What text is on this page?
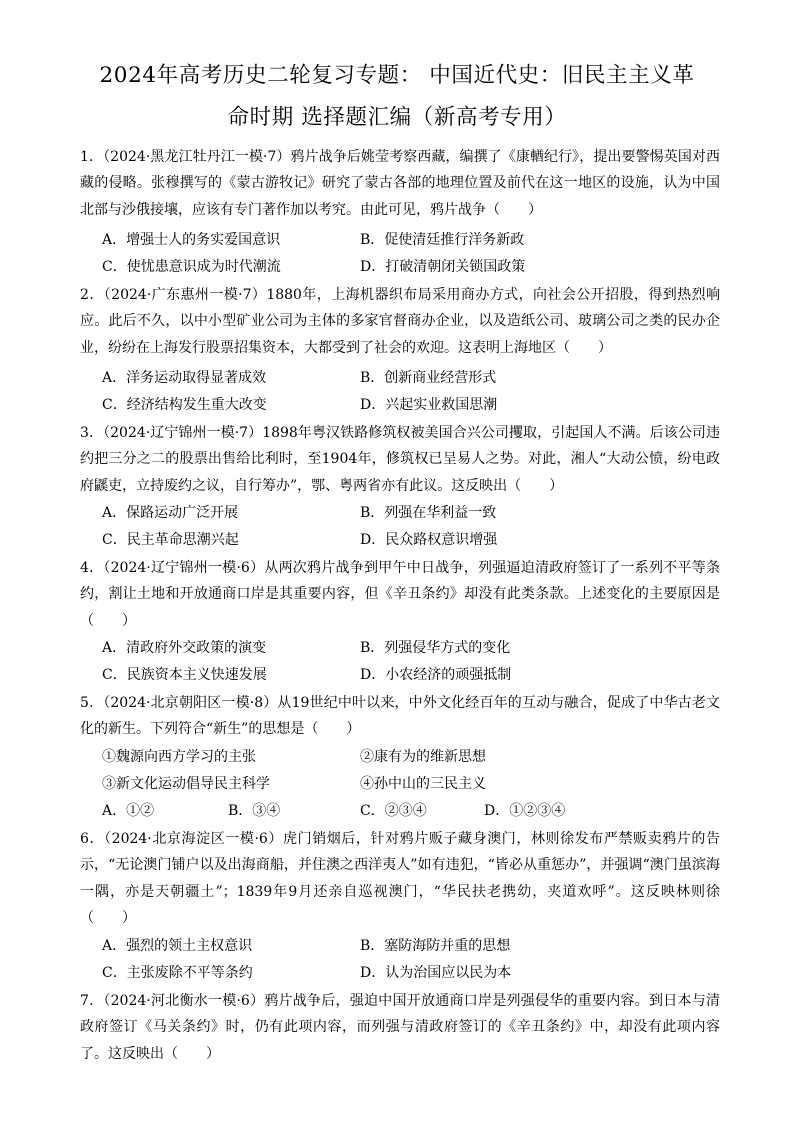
2024年高考历史二轮复习专题： 中国近代史：旧民主主义革
命时期 选择题汇编（新高考专用）
1．（2024·黑龙江牡丹江一模·7）鸦片战争后姚莹考察西藏，编撰了《康輶纪行》，提出要警惕英国对西藏的侵略。张穆撰写的《蒙古游牧记》研究了蒙古各部的地理位置及前代在这一地区的设施，认为中国北部与沙俄接壤，应该有专门著作加以考究。由此可见，鸦片战争（　　）
A．增强士人的务实爱国意识	B．促使清廷推行洋务新政
C．使忧患意识成为时代潮流	D．打破清朝闭关锁国政策
2．（2024·广东惠州一模·7）1880年，上海机器织布局采用商办方式，向社会公开招股，得到热烈响应。此后不久，以中小型矿业公司为主体的多家官督商办企业，以及造纸公司、玻璃公司之类的民办企业，纷纷在上海发行股票招集资本，大都受到了社会的欢迎。这表明上海地区（　　）
A．洋务运动取得显著成效	B．创新商业经营形式
C．经济结构发生重大改变	D．兴起实业救国思潮
3．（2024·辽宁锦州一模·7）1898年粤汉铁路修筑权被美国合兴公司攫取，引起国人不满。后该公司违约把三分之二的股票出售给比利时，至1904年，修筑权已呈易人之势。对此，湘人“大动公愤，纷电政府鼷吏，立持废约之议，自行筹办”，鄂、粤两省亦有此议。这反映出（　　）
A．保路运动广泛开展	B．列强在华利益一致
C．民主革命思潮兴起	D．民众路权意识增强
4．（2024·辽宁锦州一模·6）从两次鸦片战争到甲午中日战争，列强逼迫清政府签订了一系列不平等条约，割让土地和开放通商口岸是其重要内容，但《辛丑条约》却没有此类条款。上述变化的主要原因是（　　）
A．清政府外交政策的演变	B．列强侵华方式的变化
C．民族资本主义快速发展	D．小农经济的顽强抵制
5．（2024·北京朝阳区一模·8）从19世纪中叶以来，中外文化经百年的互动与融合，促成了中华古老文化的新生。下列符合“新生”的思想是（　　）
①魏源向西方学习的主张	②康有为的维新思想
③新文化运动倡导民主科学	④孙中山的三民主义
A．①②	B．③④	C．②③④	D．①②③④
6．（2024·北京海淀区一模·6）虎门销烟后，针对鸦片贩子藏身澳门，林则徐发布严禁贩卖鸦片的告示，“无论澳门铺户以及出海商船，并住澳之西洋夷人”如有违犯，“皆必从重惩办”，并强调“澳门虽滨海一隅，亦是天朝疆土”；1839年9月还亲自巡视澳门，“华民扶老携幼，夹道欢呼”。这反映林则徐（　　）
A．强烈的领土主权意识	B．塞防海防并重的思想
C．主张废除不平等条约	D．认为治国应以民为本
7．（2024·河北衡水一模·6）鸦片战争后，强迫中国开放通商口岸是列强侵华的重要内容。到日本与清政府签订《马关条约》时，仍有此项内容，而列强与清政府签订的《辛丑条约》中，却没有此项内容了。这反映出（　　）
